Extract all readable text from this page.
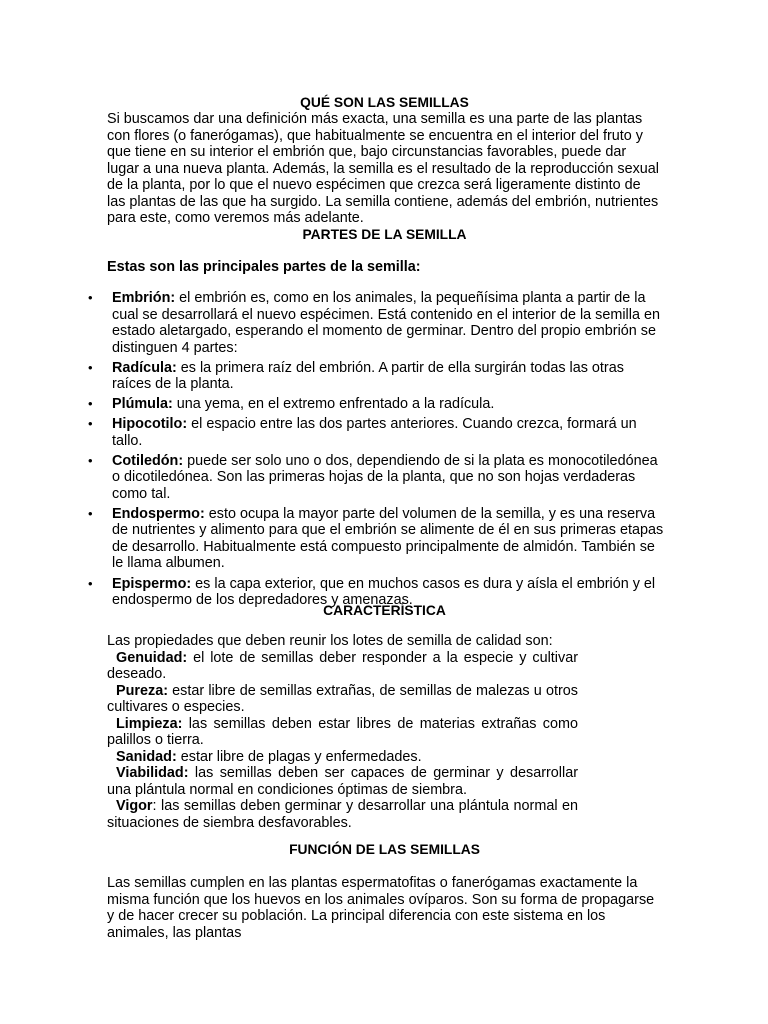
QUÉ SON LAS SEMILLAS

Si buscamos dar una definición más exacta, una semilla es una parte de las plantas con flores (o fanerógamas), que habitualmente se encuentra en el interior del fruto y que tiene en su interior el embrión que, bajo circunstancias favorables, puede dar lugar a una nueva planta. Además, la semilla es el resultado de la reproducción sexual de la planta, por lo que el nuevo espécimen que crezca será ligeramente distinto de las plantas de las que ha surgido. La semilla contiene, además del embrión, nutrientes para este, como veremos más adelante.

PARTES DE LA SEMILLA

Estas son las principales partes de la semilla:

• Embrión: el embrión es, como en los animales, la pequeñísima planta a partir de la cual se desarrollará el nuevo espécimen. Está contenido en el interior de la semilla en estado aletargado, esperando el momento de germinar. Dentro del propio embrión se distinguen 4 partes:
• Radícula: es la primera raíz del embrión. A partir de ella surgirán todas las otras raíces de la planta.
• Plúmula: una yema, en el extremo enfrentado a la radícula.
• Hipocotilo: el espacio entre las dos partes anteriores. Cuando crezca, formará un tallo.
• Cotiledón: puede ser solo uno o dos, dependiendo de si la plata es monocotiledónea o dicotiledónea. Son las primeras hojas de la planta, que no son hojas verdaderas como tal.
• Endospermo: esto ocupa la mayor parte del volumen de la semilla, y es una reserva de nutrientes y alimento para que el embrión se alimente de él en sus primeras etapas de desarrollo. Habitualmente está compuesto principalmente de almidón. También se le llama albumen.
• Epispermo: es la capa exterior, que en muchos casos es dura y aísla el embrión y el endospermo de los depredadores y amenazas.
CARACTERÍSTICA

Las propiedades que deben reunir los lotes de semilla de calidad son:

Genuidad: el lote de semillas deber responder a la especie y cultivar deseado.

Pureza: estar libre de semillas extrañas, de semillas de malezas u otros cultivares o especies.

Limpieza: las semillas deben estar libres de materias extrañas como palillos o tierra.

Sanidad: estar libre de plagas y enfermedades.

Viabilidad: las semillas deben ser capaces de germinar y desarrollar una plántula normal en condiciones óptimas de siembra.

Vigor: las semillas deben germinar y desarrollar una plántula normal en situaciones de siembra desfavorables.

FUNCIÓN DE LAS SEMILLAS

Las semillas cumplen en las plantas espermatofitas o fanerógamas exactamente la misma función que los huevos en los animales ovíparos. Son su forma de propagarse y de hacer crecer su población. La principal diferencia con este sistema en los animales, las plantas
